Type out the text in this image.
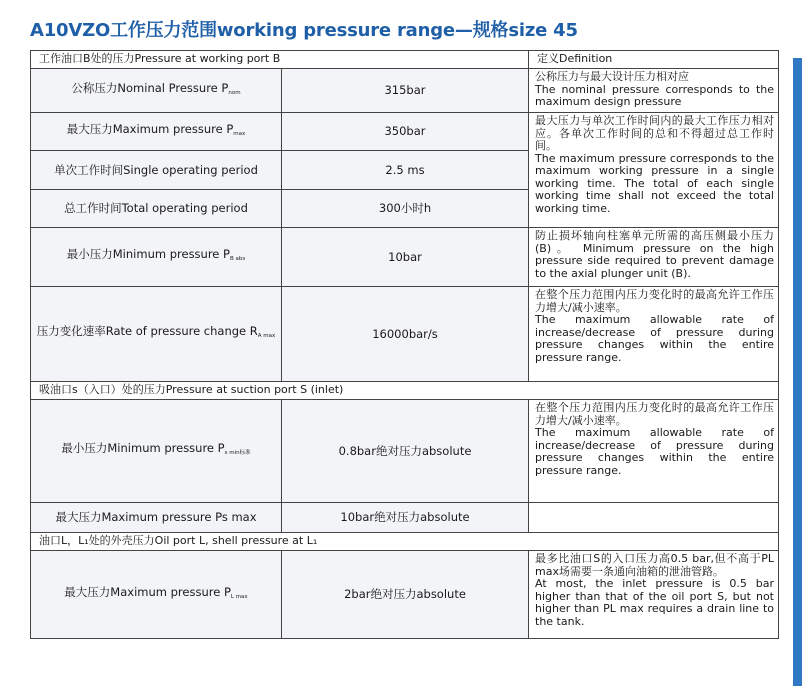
A10VZO工作压力范围working pressure range—规格size 45
工作油口B处的压力Pressure at working port B		定义Definition
公称压力Nominal Pressure $P_{nom}$	315bar	公称压力与最大设计压力相对应
The nominal pressure corresponds to the maximum design pressure

最大压力Maximum pressure $P_{max}$	350bar	最大压力与单次工作时间内的最大工作压力相对应。各单次工作时间的总和不得超过总工作时间。
The maximum pressure corresponds to the maximum working pressure in a single working time. The total of each single working time shall not exceed the total working time.

单次工作时间Single operating period	2.5 ms	
总工作时间Total operating period	300小时h	
最小压力Minimum pressure $P_{B abs}$	10bar	防止损坏轴向柱塞单元所需的高压侧最小压力 (B)。 Minimum pressure on the high pressure side required to prevent damage to the axial plunger unit (B).

压力变化速率Rate of pressure change $R_{A max}$	16000bar/s	在整个压力范围内压力变化时的最高允许工作压力增大/减小速率。
The maximum allowable rate of increase/decrease of pressure during pressure changes within the entire pressure range.

吸油口s（入口）处的压力Pressure at suction port S (inlet)		
最小压力Minimum pressure $P_{s min标准}$	0.8bar绝对压力absolute	在整个压力范围内压力变化时的最高允许工作压力增大/减小速率。
The maximum allowable rate of increase/decrease of pressure during pressure changes within the entire pressure range.

最大压力Maximum pressure Ps max	10bar绝对压力absolute	
油口L，L₁处的外壳压力Oil port L, shell pressure at L₁		
最大压力Maximum pressure $P_{L max}$	2bar绝对压力absolute	最多比油口S的入口压力高0.5 bar,但不高于PL max场需要一条通向油箱的泄油管路。
At most, the inlet pressure is 0.5 bar higher than that of the oil port S, but not higher than PL max requires a drain line to the tank.
